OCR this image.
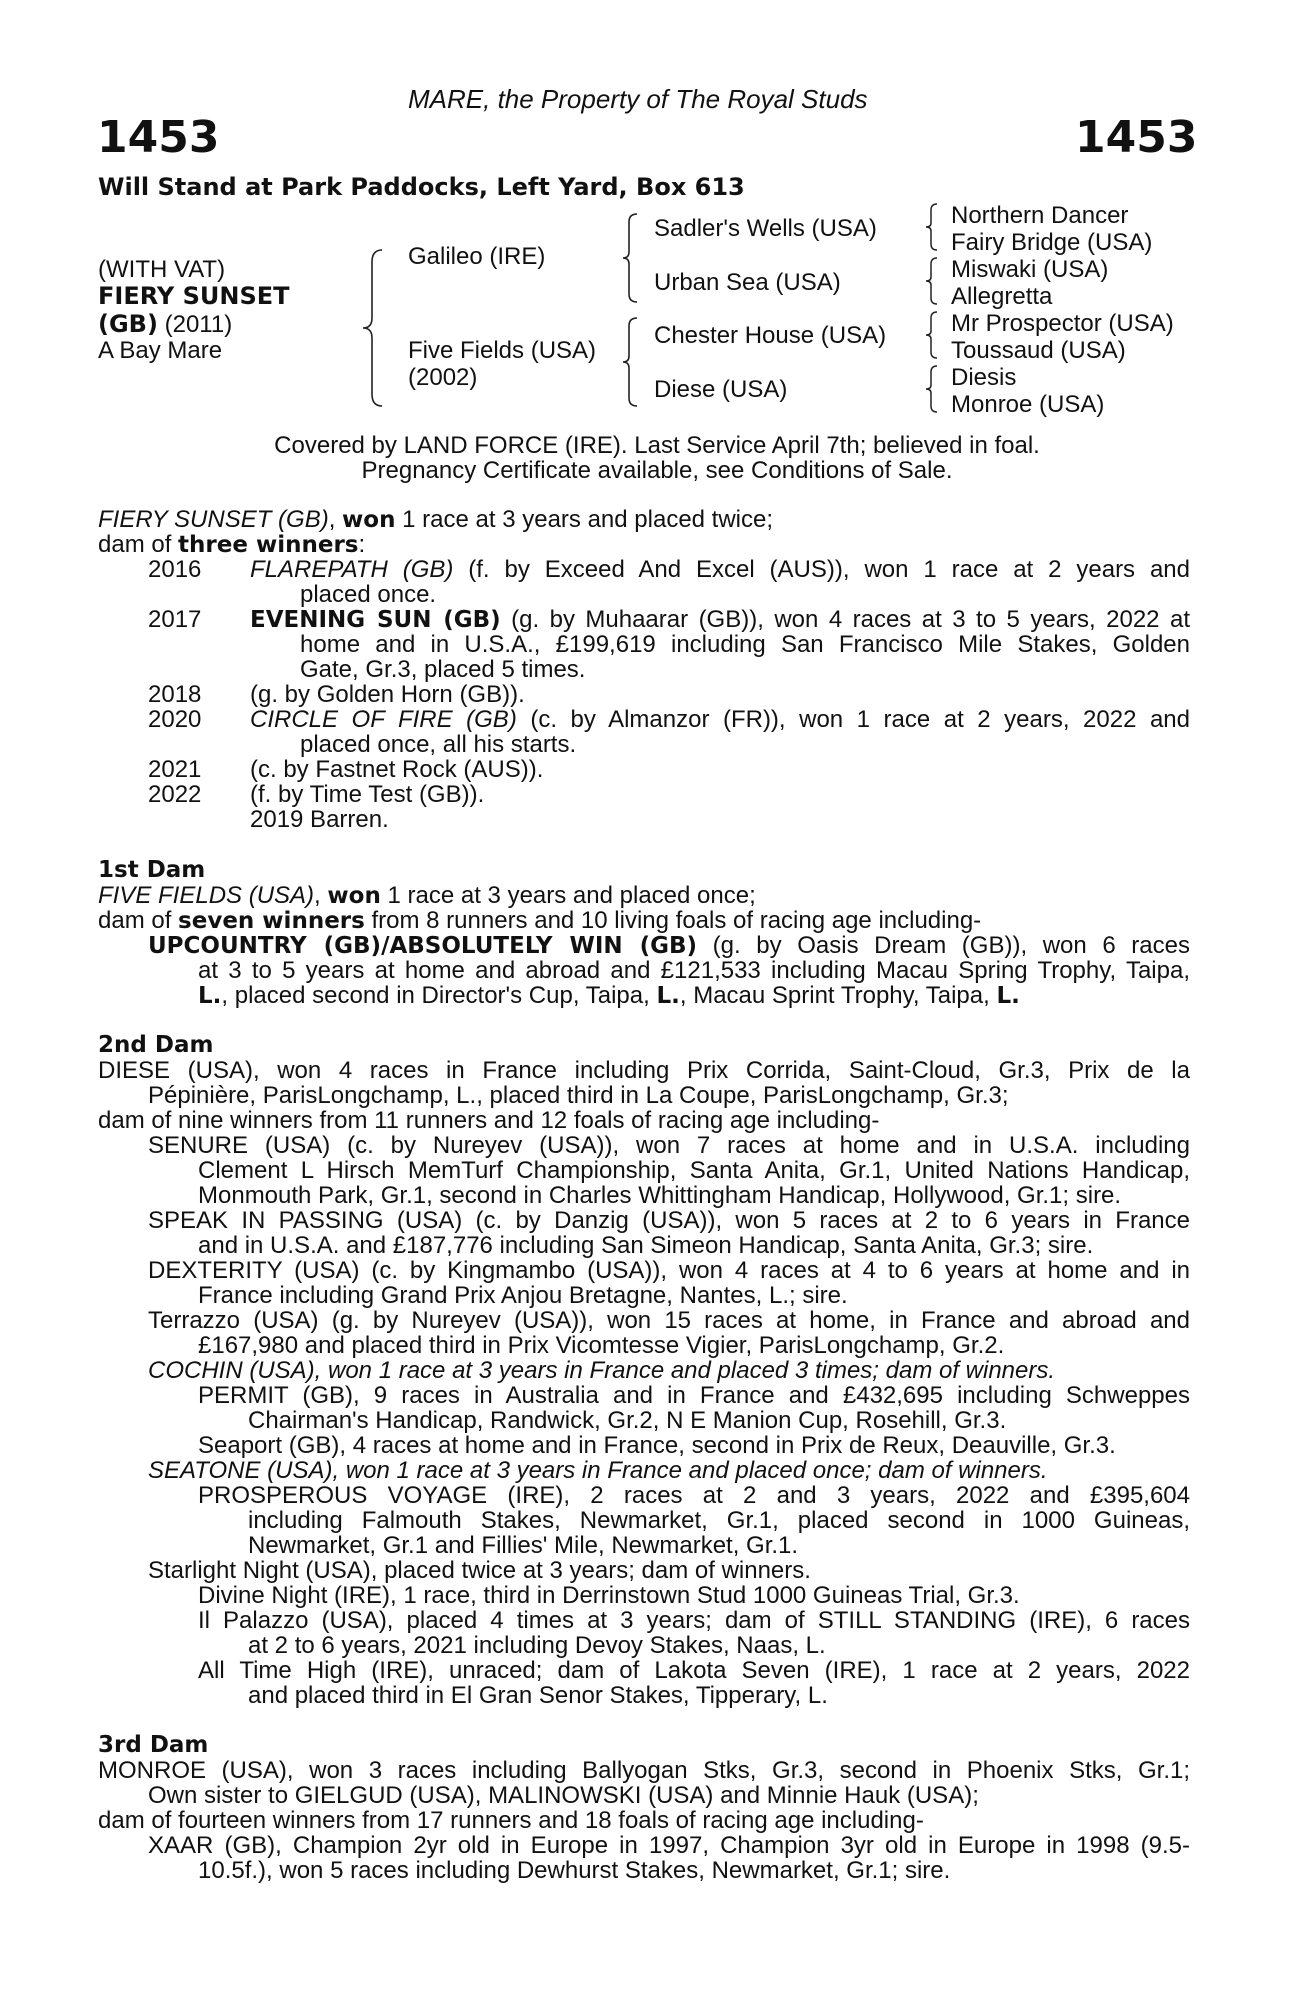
MARE, the Property of The Royal Studs
1453	1453
Will Stand at Park Paddocks, Left Yard, Box 613
(WITH VAT)
FIERY SUNSET
(GB) (2011)
A Bay Mare
Galileo (IRE)
Five Fields (USA)
(2002)
Sadler's Wells (USA)
Urban Sea (USA)
Chester House (USA)
Diese (USA)
Northern Dancer
Fairy Bridge (USA)
Miswaki (USA)
Allegretta
Mr Prospector (USA)
Toussaud (USA)
Diesis
Monroe (USA)
Covered by LAND FORCE (IRE). Last Service April 7th; believed in foal.
Pregnancy Certificate available, see Conditions of Sale.
FIERY SUNSET (GB), won 1 race at 3 years and placed twice;
dam of three winners:
2016 FLAREPATH (GB) (f. by Exceed And Excel (AUS)), won 1 race at 2 years and
placed once.
2017 EVENING SUN (GB) (g. by Muhaarar (GB)), won 4 races at 3 to 5 years, 2022 at
home and in U.S.A., £199,619 including San Francisco Mile Stakes, Golden
Gate, Gr.3, placed 5 times.
2018 (g. by Golden Horn (GB)).
2020 CIRCLE OF FIRE (GB) (c. by Almanzor (FR)), won 1 race at 2 years, 2022 and
placed once, all his starts.
2021 (c. by Fastnet Rock (AUS)).
2022 (f. by Time Test (GB)).
2019 Barren.
1st Dam
FIVE FIELDS (USA), won 1 race at 3 years and placed once;
dam of seven winners from 8 runners and 10 living foals of racing age including-
UPCOUNTRY (GB)/ABSOLUTELY WIN (GB) (g. by Oasis Dream (GB)), won 6 races
at 3 to 5 years at home and abroad and £121,533 including Macau Spring Trophy, Taipa,
L., placed second in Director's Cup, Taipa, L., Macau Sprint Trophy, Taipa, L.
2nd Dam
DIESE (USA), won 4 races in France including Prix Corrida, Saint-Cloud, Gr.3, Prix de la
Pépinière, ParisLongchamp, L., placed third in La Coupe, ParisLongchamp, Gr.3;
dam of nine winners from 11 runners and 12 foals of racing age including-
SENURE (USA) (c. by Nureyev (USA)), won 7 races at home and in U.S.A. including
Clement L Hirsch MemTurf Championship, Santa Anita, Gr.1, United Nations Handicap,
Monmouth Park, Gr.1, second in Charles Whittingham Handicap, Hollywood, Gr.1; sire.
SPEAK IN PASSING (USA) (c. by Danzig (USA)), won 5 races at 2 to 6 years in France
and in U.S.A. and £187,776 including San Simeon Handicap, Santa Anita, Gr.3; sire.
DEXTERITY (USA) (c. by Kingmambo (USA)), won 4 races at 4 to 6 years at home and in
France including Grand Prix Anjou Bretagne, Nantes, L.; sire.
Terrazzo (USA) (g. by Nureyev (USA)), won 15 races at home, in France and abroad and
£167,980 and placed third in Prix Vicomtesse Vigier, ParisLongchamp, Gr.2.
COCHIN (USA), won 1 race at 3 years in France and placed 3 times; dam of winners.
PERMIT (GB), 9 races in Australia and in France and £432,695 including Schweppes
Chairman's Handicap, Randwick, Gr.2, N E Manion Cup, Rosehill, Gr.3.
Seaport (GB), 4 races at home and in France, second in Prix de Reux, Deauville, Gr.3.
SEATONE (USA), won 1 race at 3 years in France and placed once; dam of winners.
PROSPEROUS VOYAGE (IRE), 2 races at 2 and 3 years, 2022 and £395,604
including Falmouth Stakes, Newmarket, Gr.1, placed second in 1000 Guineas,
Newmarket, Gr.1 and Fillies' Mile, Newmarket, Gr.1.
Starlight Night (USA), placed twice at 3 years; dam of winners.
Divine Night (IRE), 1 race, third in Derrinstown Stud 1000 Guineas Trial, Gr.3.
Il Palazzo (USA), placed 4 times at 3 years; dam of STILL STANDING (IRE), 6 races
at 2 to 6 years, 2021 including Devoy Stakes, Naas, L.
All Time High (IRE), unraced; dam of Lakota Seven (IRE), 1 race at 2 years, 2022
and placed third in El Gran Senor Stakes, Tipperary, L.
3rd Dam
MONROE (USA), won 3 races including Ballyogan Stks, Gr.3, second in Phoenix Stks, Gr.1;
Own sister to GIELGUD (USA), MALINOWSKI (USA) and Minnie Hauk (USA);
dam of fourteen winners from 17 runners and 18 foals of racing age including-
XAAR (GB), Champion 2yr old in Europe in 1997, Champion 3yr old in Europe in 1998 (9.5-
10.5f.), won 5 races including Dewhurst Stakes, Newmarket, Gr.1; sire.
